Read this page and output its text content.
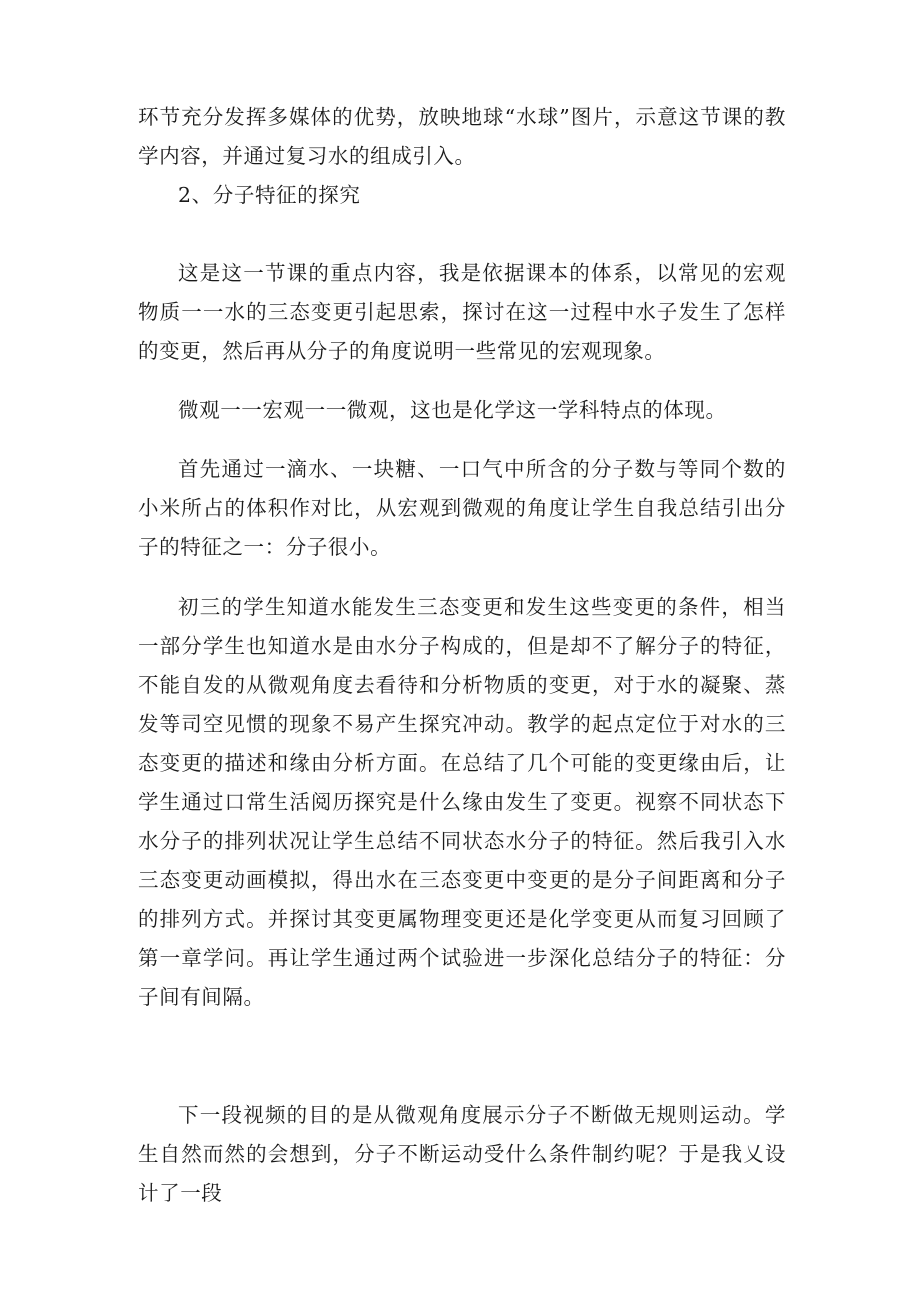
环节充分发挥多媒体的优势，放映地球“水球”图片，示意这节课的教学内容，并通过复习水的组成引入。

2、分子特征的探究

这是这一节课的重点内容，我是依据课本的体系，以常见的宏观物质一一水的三态变更引起思索，探讨在这一过程中水子发生了怎样的变更，然后再从分子的角度说明一些常见的宏观现象。

微观一一宏观一一微观，这也是化学这一学科特点的体现。

首先通过一滴水、一块糖、一口气中所含的分子数与等同个数的小米所占的体积作对比，从宏观到微观的角度让学生自我总结引出分子的特征之一：分子很小。

初三的学生知道水能发生三态变更和发生这些变更的条件，相当一部分学生也知道水是由水分子构成的，但是却不了解分子的特征，不能自发的从微观角度去看待和分析物质的变更，对于水的凝聚、蒸发等司空见惯的现象不易产生探究冲动。教学的起点定位于对水的三态变更的描述和缘由分析方面。在总结了几个可能的变更缘由后，让学生通过口常生活阅历探究是什么缘由发生了变更。视察不同状态下水分子的排列状况让学生总结不同状态水分子的特征。然后我引入水三态变更动画模拟，得出水在三态变更中变更的是分子间距离和分子的排列方式。并探讨其变更属物理变更还是化学变更从而复习回顾了第一章学问。再让学生通过两个试验进一步深化总结分子的特征：分子间有间隔。

下一段视频的目的是从微观角度展示分子不断做无规则运动。学生自然而然的会想到，分子不断运动受什么条件制约呢？于是我乂设计了一段
